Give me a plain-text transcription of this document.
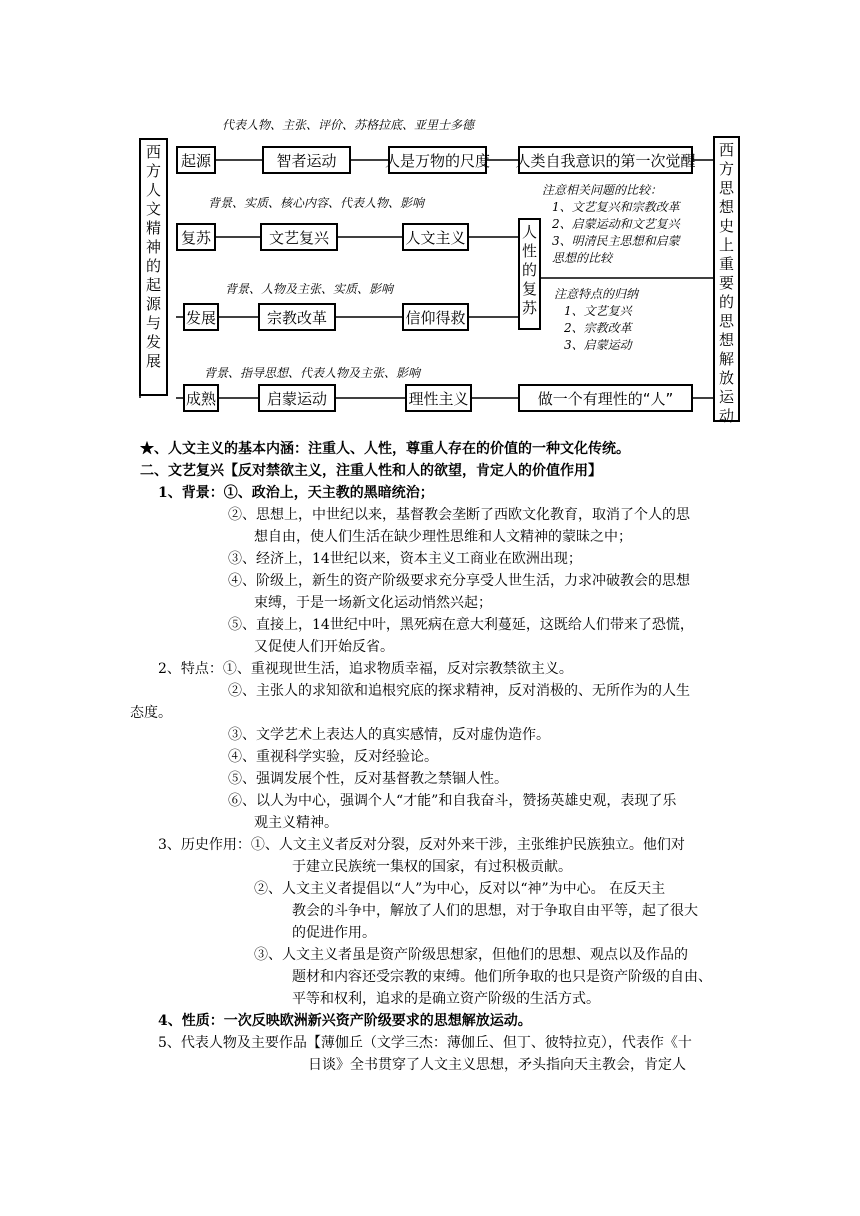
西方人文精神的起源与发展
西方思想史上重要的思想解放运动
起源
复苏
发展
成熟
智者运动	人是万物的尺度 人类自我意识的第一次觉醒
文艺复兴	人文主义
宗教改革	信仰得救
启蒙运动	理性主义	做一个有理性的“人”
人性的复苏
代表人物、主张、评价、苏格拉底、亚里士多德
背景、实质、核心内容、代表人物、影响
背景、人物及主张、实质、影响
背景、指导思想、代表人物及主张、影响
注意相关问题的比较：
1、文艺复兴和宗教改革
2、启蒙运动和文艺复兴
3、明清民主思想和启蒙
思想的比较
注意特点的归纳
1、文艺复兴
2、宗教改革
3、启蒙运动
★、人文主义的基本内涵：注重人、人性，尊重人存在的价值的一种文化传统。
二、文艺复兴【反对禁欲主义，注重人性和人的欲望，肯定人的价值作用】
1、背景：①、政治上，天主教的黑暗统治；
②、思想上，中世纪以来，基督教会垄断了西欧文化教育，取消了个人的思
想自由，使人们生活在缺少理性思维和人文精神的蒙昧之中；
③、经济上，14世纪以来，资本主义工商业在欧洲出现；
④、阶级上，新生的资产阶级要求充分享受人世生活，力求冲破教会的思想
束缚，于是一场新文化运动悄然兴起；
⑤、直接上，14世纪中叶，黑死病在意大利蔓延，这既给人们带来了恐慌，
又促使人们开始反省。
2、特点：①、重视现世生活，追求物质幸福，反对宗教禁欲主义。
②、主张人的求知欲和追根究底的探求精神，反对消极的、无所作为的人生
态度。
③、文学艺术上表达人的真实感情，反对虚伪造作。
④、重视科学实验，反对经验论。
⑤、强调发展个性，反对基督教之禁锢人性。
⑥、以人为中心，强调个人“才能”和自我奋斗，赞扬英雄史观，表现了乐
观主义精神。
3、历史作用：①、人文主义者反对分裂，反对外来干涉，主张维护民族独立。他们对
于建立民族统一集权的国家，有过积极贡献。
②、人文主义者提倡以“人”为中心，反对以“神”为中心。 在反天主
教会的斗争中，解放了人们的思想，对于争取自由平等，起了很大
的促进作用。
③、人文主义者虽是资产阶级思想家，但他们的思想、观点以及作品的
题材和内容还受宗教的束缚。他们所争取的也只是资产阶级的自由、
平等和权利，追求的是确立资产阶级的生活方式。
4、性质：一次反映欧洲新兴资产阶级要求的思想解放运动。
5、代表人物及主要作品【薄伽丘（文学三杰：薄伽丘、但丁、彼特拉克），代表作《十
日谈》全书贯穿了人文主义思想，矛头指向天主教会，肯定人
